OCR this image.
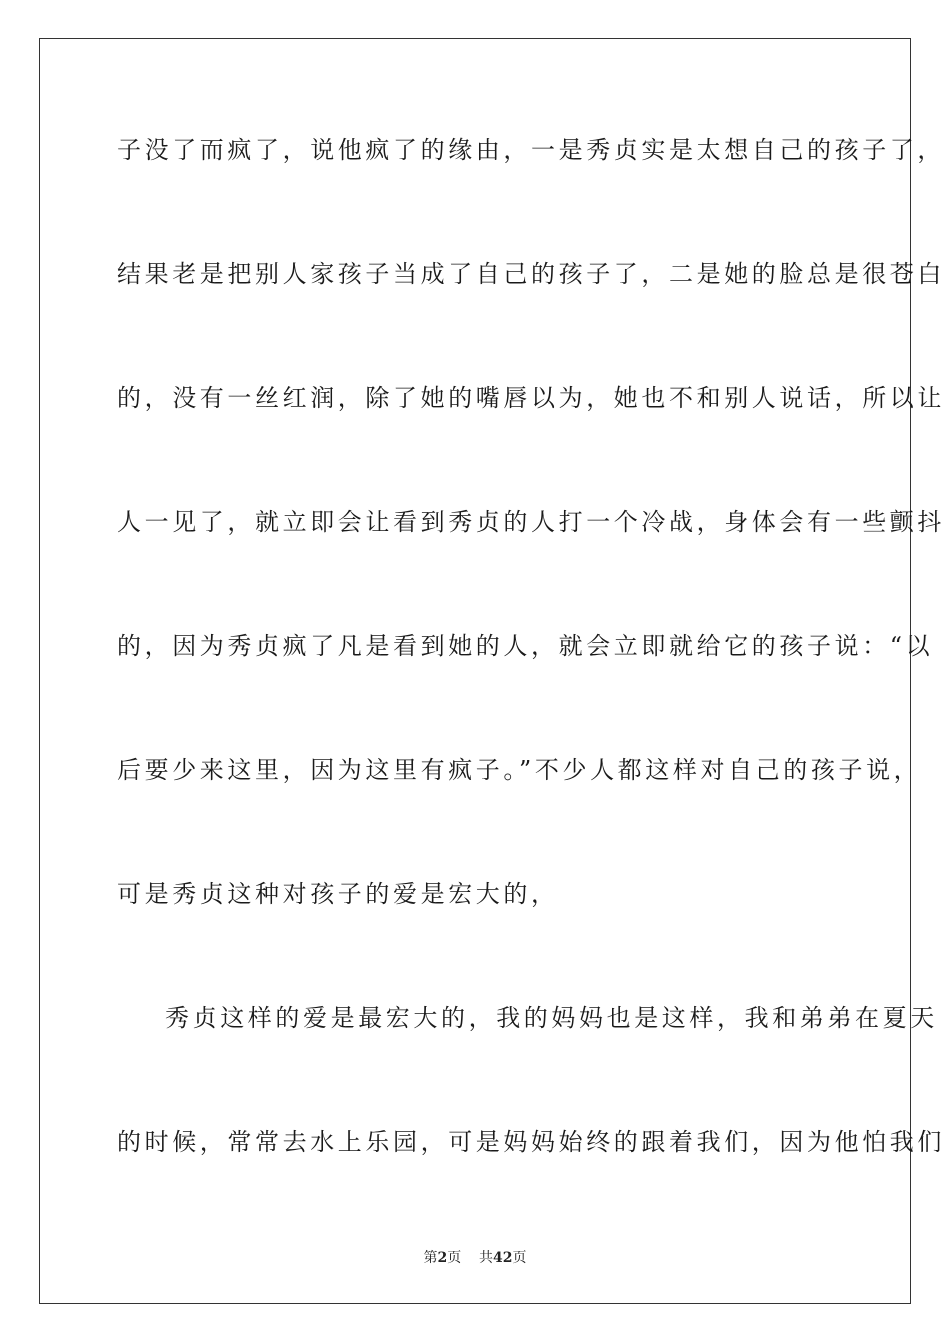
子没了而疯了，说他疯了的缘由，一是秀贞实是太想自己的孩子了，
结果老是把别人家孩子当成了自己的孩子了，二是她的脸总是很苍白
的，没有一丝红润，除了她的嘴唇以为，她也不和别人说话，所以让
人一见了，就立即会让看到秀贞的人打一个冷战，身体会有一些颤抖
的，因为秀贞疯了凡是看到她的人，就会立即就给它的孩子说：“以
后要少来这里，因为这里有疯子。”不少人都这样对自己的孩子说，
可是秀贞这种对孩子的爱是宏大的，
秀贞这样的爱是最宏大的，我的妈妈也是这样，我和弟弟在夏天
的时候，常常去水上乐园，可是妈妈始终的跟着我们，因为他怕我们
第2页 共42页
